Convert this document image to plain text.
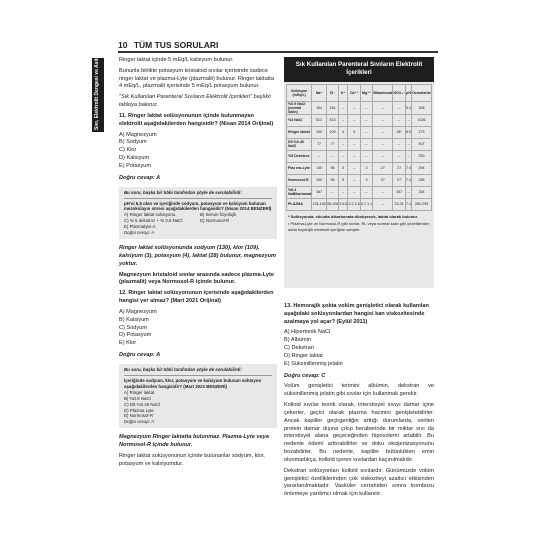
10 TÜM TUS SORULARI
Sıvı, Elektrolit Dengesi ve Asit-Baz Bozuklukları	Ringer laktat içinde 5 mEq/L kalsiyum bulunur.

Bununla birlikte potasyum kristaloid sıvılar içerisinde sadece ringer laktat ve plazma-Lyte (plazmalit) bulunur. Ringer laktatta 4 mEq/L, plazmalit içerisinde 5 mEq/L potasyum bulunur.

"Sık Kullanılan Parenteral Sıvıların Elektrolit İçerikleri" başlıklı tabloya bakınız.

11. Ringer laktat solüsyonunun içinde bulunmayan elektrolit aşağıdakilerden hangisidir? (Nisan 2014 Orijinal)

A) Magnezyum
B) Sodyum
C) Klor
D) Kalsiyum
E) Potasyum
Doğru cevap: A
Bu soru, başka bir tıbbi tarafından şöyle de sorulabilirdi:
pH'si 6,5 olan ve içeriğinde sodyum, potasyum ve kalsiyum bulunan mezokolayın süresi aşağıdakilerden hangisidir? (Nisan 2014 BENZERİ)
A) Ringer laktat solüsyonu	B) Serum fizyolojik
C) % 5 dekstroz + % 0,9 NaCl	D) Normosol-R
E) Plazmalyte-A
Doğru cevap: A

Ringer laktat solüsyonunda sodyum (130), klor (109), kalsiyum (3), potasyum (4), laktat (28) bulunur, magnezyum yoktur.

Magnezyum kristaloid sıvılar arasında sadece plazma-Lyte (plazmalit) veya Normosol-R içinde bulunur.

12. Ringer laktat solüsyonunun içerisinde aşağıdakilerden hangisi yer almaz? (Mart 2021 Orijinal)

A) Magnezyum
B) Kalsiyum
C) Sodyum
D) Potasyum
E) Klor
Doğru cevap: A
Bu soru, başka bir tıbbi tarafından şöyle de sorulabilirdi:
İçeriğinde sodyum, klor, potasyum ve kalsiyum bulunan solüsyon aşağıdakilerden hangisidir? (Mart 2021 BENZERİ)
A) Ringer laktat
B) %0.9 NaCl
C) D5 %0.45 NaCl
D) Plazma Lyte
E) Normosol-R
Doğru cevap: A

Magnezyum Ringer laktatta bulunmaz. Plazma-Lyte veya Normosol-R içinde bulunur.

Ringer laktat solüsyonunun içinde bulunanlar sodyum, klor, potasyum ve kalsiyumdur.

Sık Kullanılan Parenteral Sıvıların Elektrolit İçerikleri
Solüsyon (mEq/L)	Na⁺	Cl⁻	K⁺	Ca⁺⁺	Mg⁺⁺	Bikarbonat	HCO₃⁻	pH	Ozmolarite
%0.9 NaCl (normal Salin)	154	154	–	–	–	–	–	5.4	308
%3 NaCl	513	513	–	–	–	–	–	–	1026
Ringer laktat	130	109	4	3	–	–	28*	6.5	273
D5 %0.45 NaCl	77	77	–	–	–	–	–	–	407
%5 Dekstroz	–	–	–	–	–	–	–	–	250
Plaz ma-Lyte	140	98	5	–	3	27	27	7.4	294
Normosol-R	140	98	5	–	3	27	27	7.4	295
%8.4 NaBikarbonat	167	–	–	–	–	–	167	–	334
PLAZMA	134-145	98-106	3.5-5	2.2-2.6	0.7-1.1	–	23-31	7.4	280-295

* Solüsyonda, vücutta bikarbonata dönüşecek, laktat olarak bulunur.

• Plazma-Lyte ve Normosol-R gibi sıvılar, RL veya normal salin gibi çözeltilerden daha fizyolojik elektrolit içeriğine sahiptir.

13. Hemorajik şokta volüm genişletici olarak kullanılan aşağıdaki solüsyonlardan hangisi kan viskozitesinde azalmaya yol açar? (Eylül 2011)

A) Hipertonik NaCl
B) Albümin
C) Dekstran
D) Ringer laktat
E) Süksinillenmiş jelatin
Doğru cevap: C

Volüm genişletici terimini albümin, dekstran ve süksinillenmiş jelatin gibi sıvılar için kullanmak gerekir.

Kolloid sıvılar teorik olarak, interstisyel sıvıyı damar içine çekerler, geçici olarak plazma hacmini genişletebilirler. Ancak kapiller geçirgenliğin arttığı durumlarda, verilen protein damar dışına çıkıp beraberinde bir miktar sıvı da interstisyel alana geçeceğinden hipovolemi artabilir. Bu nedenle ödemi arttırabilirler ve doku oksijenizasyonunu bozabilirler. Bu nedenle, kapiller bütünlükten emin olunmadıkça, kolloid içeren sıvılardan kaçınılmalıdır.

Dekstran solüsyonları kolloid sıvılardır. Günümüzde volüm genişletici özelliklerinden çok viskoziteyi azaltıcı etkisinden yararlanılmaktadır. Vasküler cerrahiden sonra trombozu önlemeye yardımcı olmak için kullanılır.
